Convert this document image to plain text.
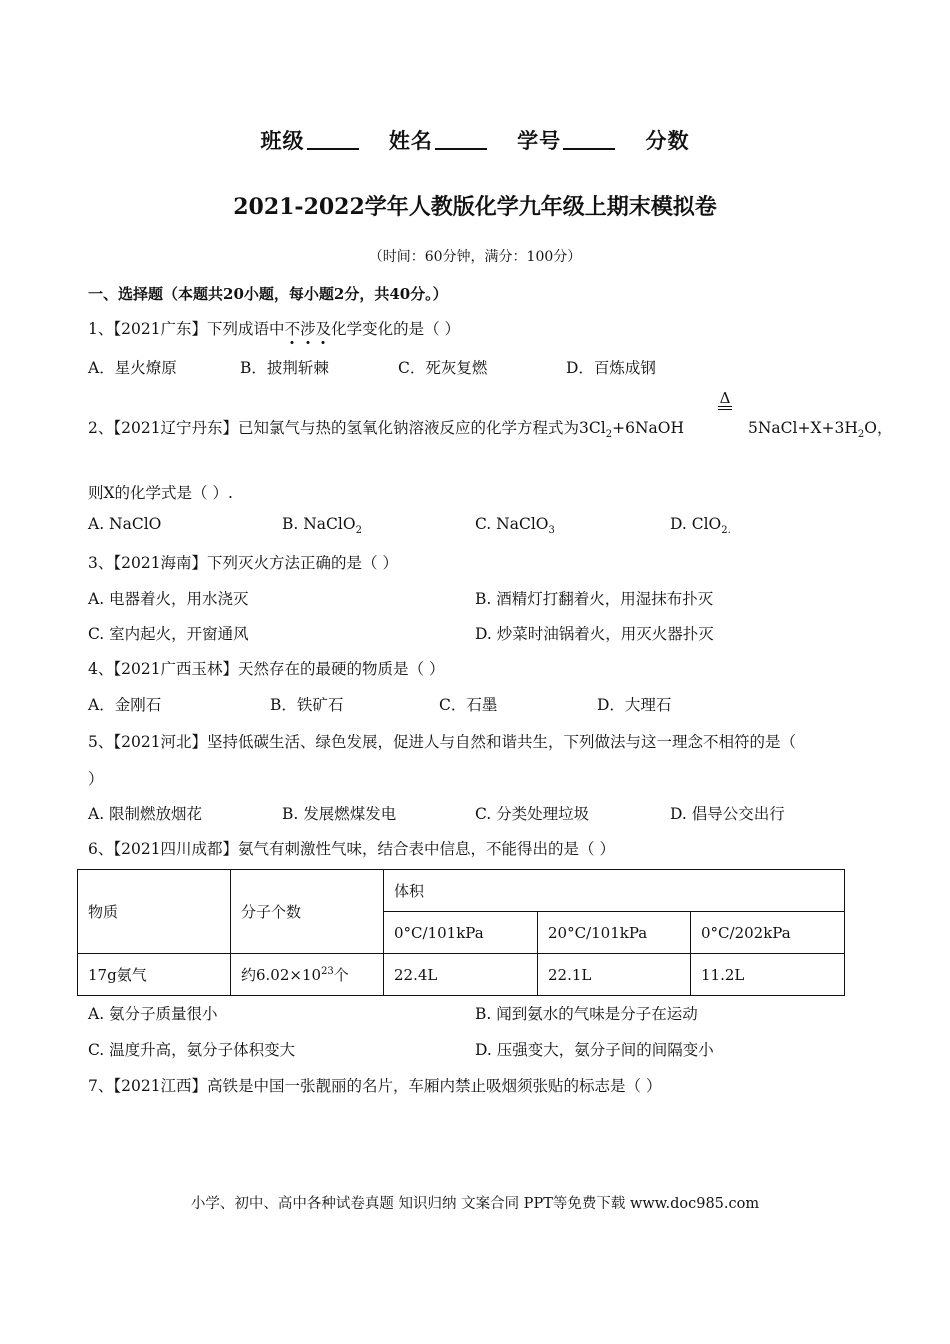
班级	姓名	学号	分数
2021-2022学年人教版化学九年级上期末模拟卷
（时间：60分钟，满分：100分）
一、选择题（本题共20小题，每小题2分，共40分。）
1、【2021广东】下列成语中不涉及化学变化的是（ ）
A．星火燎原	B．披荆斩棘	C．死灰复燃	D．百炼成钢
2、【2021辽宁丹东】已知氯气与热的氢氧化钠溶液反应的化学方程式为$3Cl_2+6NaOH$
Δ
$5NaCl+X+3H_2O$，
则X的化学式是（ ）.
A. NaClO	B. NaClO$_2$	C. NaClO$_3$	D. ClO$_{2.}$
3、【2021海南】下列灭火方法正确的是（ ）
A. 电器着火，用水浇灭	B. 酒精灯打翻着火，用湿抹布扑灭
C. 室内起火，开窗通风	D. 炒菜时油锅着火，用灭火器扑灭
4、【2021广西玉林】天然存在的最硬的物质是（ ）
A．金刚石	B．铁矿石	C．石墨	D．大理石
5、【2021河北】坚持低碳生活、绿色发展，促进人与自然和谐共生，下列做法与这一理念不相符的是（
）
A. 限制燃放烟花	B. 发展燃煤发电	C. 分类处理垃圾	D. 倡导公交出行
6、【2021四川成都】氨气有刺激性气味，结合表中信息，不能得出的是（ ）
物质	分子个数	体积		
		0°C/101kPa	20°C/101kPa	0°C/202kPa
17g氨气	约$6.02\times 10^{23}$个	22.4L	22.1L	11.2L
A. 氨分子质量很小	B. 闻到氨水的气味是分子在运动
C. 温度升高，氨分子体积变大	D. 压强变大，氨分子间的间隔变小
7、【2021江西】高铁是中国一张靓丽的名片，车厢内禁止吸烟须张贴的标志是（ ）
小学、初中、高中各种试卷真题 知识归纳 文案合同 PPT等免费下载 www.doc985.com
